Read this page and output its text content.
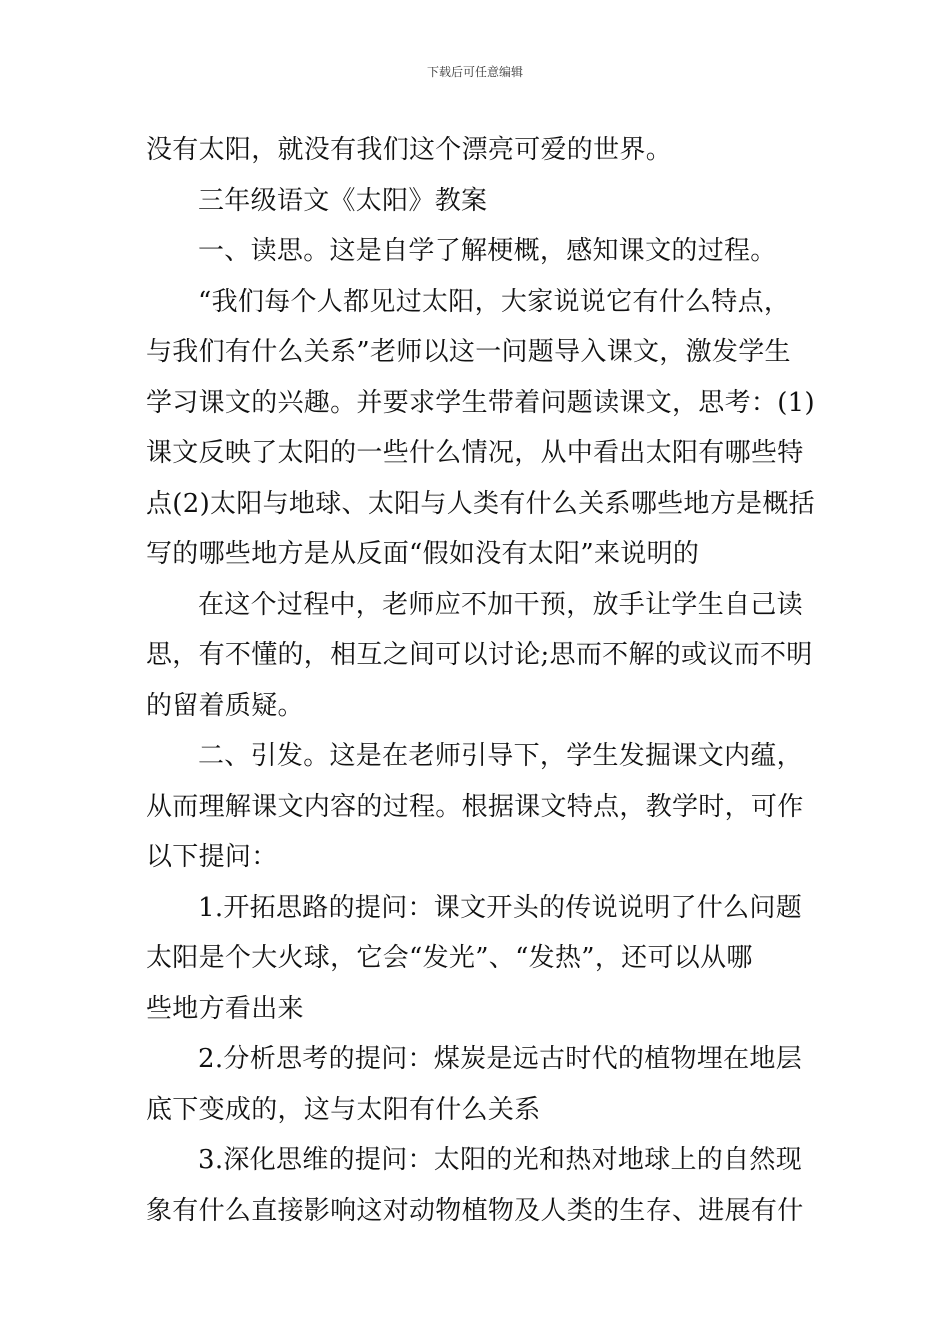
下载后可任意编辑
没有太阳，就没有我们这个漂亮可爱的世界。
三年级语文《太阳》教案
一、读思。这是自学了解梗概，感知课文的过程。
“我们每个人都见过太阳，大家说说它有什么特点，
与我们有什么关系”老师以这一问题导入课文，激发学生
学习课文的兴趣。并要求学生带着问题读课文，思考：(1)
课文反映了太阳的一些什么情况，从中看出太阳有哪些特
点(2)太阳与地球、太阳与人类有什么关系哪些地方是概括
写的哪些地方是从反面“假如没有太阳”来说明的
在这个过程中，老师应不加干预，放手让学生自己读
思，有不懂的，相互之间可以讨论;思而不解的或议而不明
的留着质疑。
二、引发。这是在老师引导下，学生发掘课文内蕴，
从而理解课文内容的过程。根据课文特点，教学时，可作
以下提问：
1.开拓思路的提问：课文开头的传说说明了什么问题
太阳是个大火球，它会“发光”、“发热”，还可以从哪
些地方看出来
2.分析思考的提问：煤炭是远古时代的植物埋在地层
底下变成的，这与太阳有什么关系
3.深化思维的提问：太阳的光和热对地球上的自然现
象有什么直接影响这对动物植物及人类的生存、进展有什
